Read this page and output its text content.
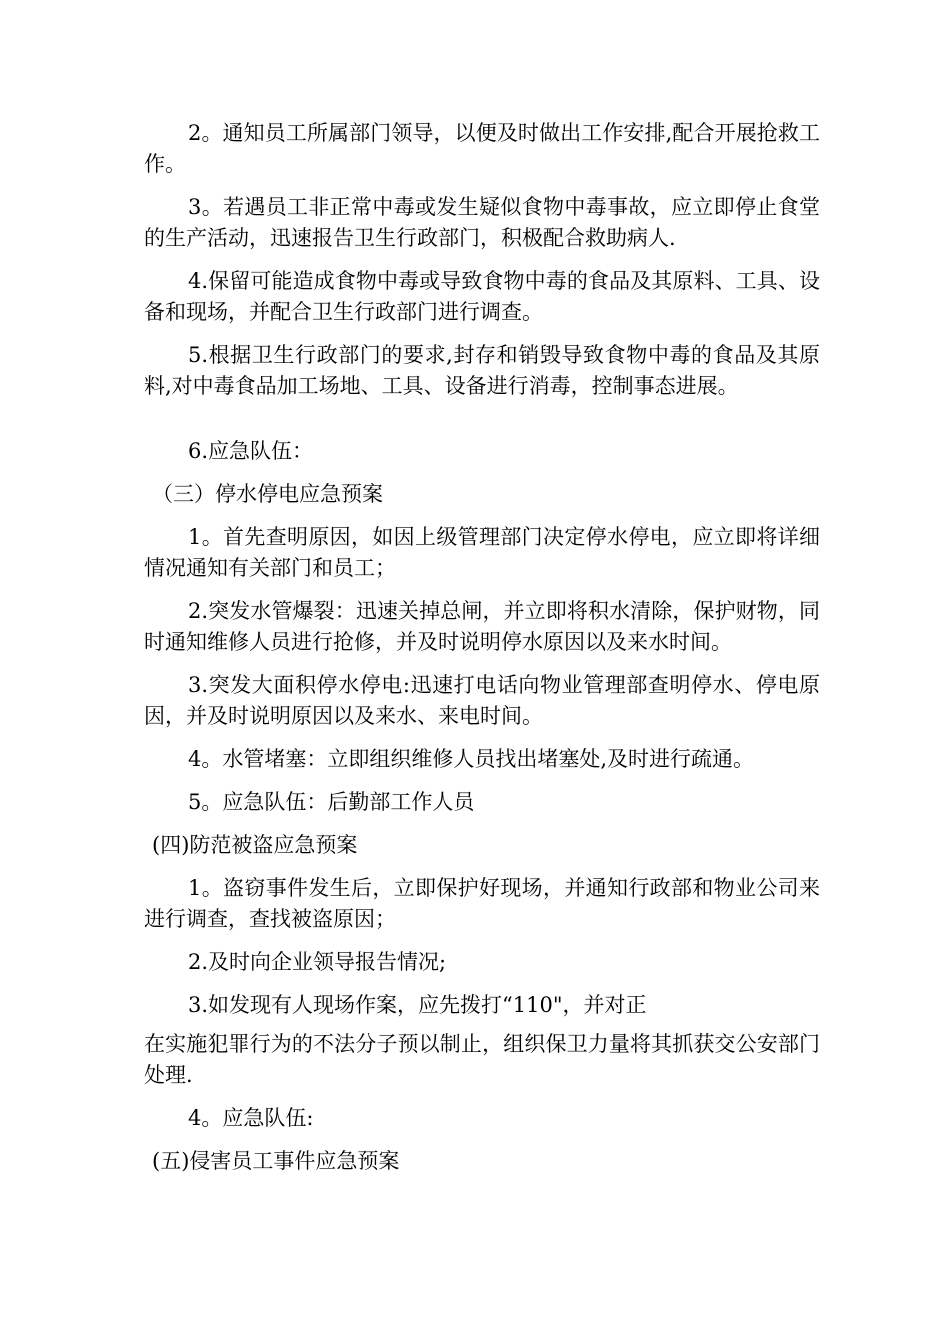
2。通知员工所属部门领导，以便及时做出工作安排,配合开展抢救工作。

3。若遇员工非正常中毒或发生疑似食物中毒事故，应立即停止食堂的生产活动，迅速报告卫生行政部门，积极配合救助病人.

4.保留可能造成食物中毒或导致食物中毒的食品及其原料、工具、设备和现场，并配合卫生行政部门进行调查。

5.根据卫生行政部门的要求,封存和销毁导致食物中毒的食品及其原料,对中毒食品加工场地、工具、设备进行消毒，控制事态进展。

6.应急队伍：

（三）停水停电应急预案

1。首先查明原因，如因上级管理部门决定停水停电，应立即将详细情况通知有关部门和员工；

2.突发水管爆裂：迅速关掉总闸，并立即将积水清除，保护财物，同时通知维修人员进行抢修，并及时说明停水原因以及来水时间。

3.突发大面积停水停电:迅速打电话向物业管理部查明停水、停电原因，并及时说明原因以及来水、来电时间。

4。水管堵塞：立即组织维修人员找出堵塞处,及时进行疏通。

5。应急队伍：后勤部工作人员

(四)防范被盗应急预案

1。盗窃事件发生后，立即保护好现场，并通知行政部和物业公司来进行调查，查找被盗原因；

2.及时向企业领导报告情况;

3.如发现有人现场作案，应先拨打“110"，并对正

在实施犯罪行为的不法分子预以制止，组织保卫力量将其抓获交公安部门处理.

4。应急队伍:

(五)侵害员工事件应急预案
